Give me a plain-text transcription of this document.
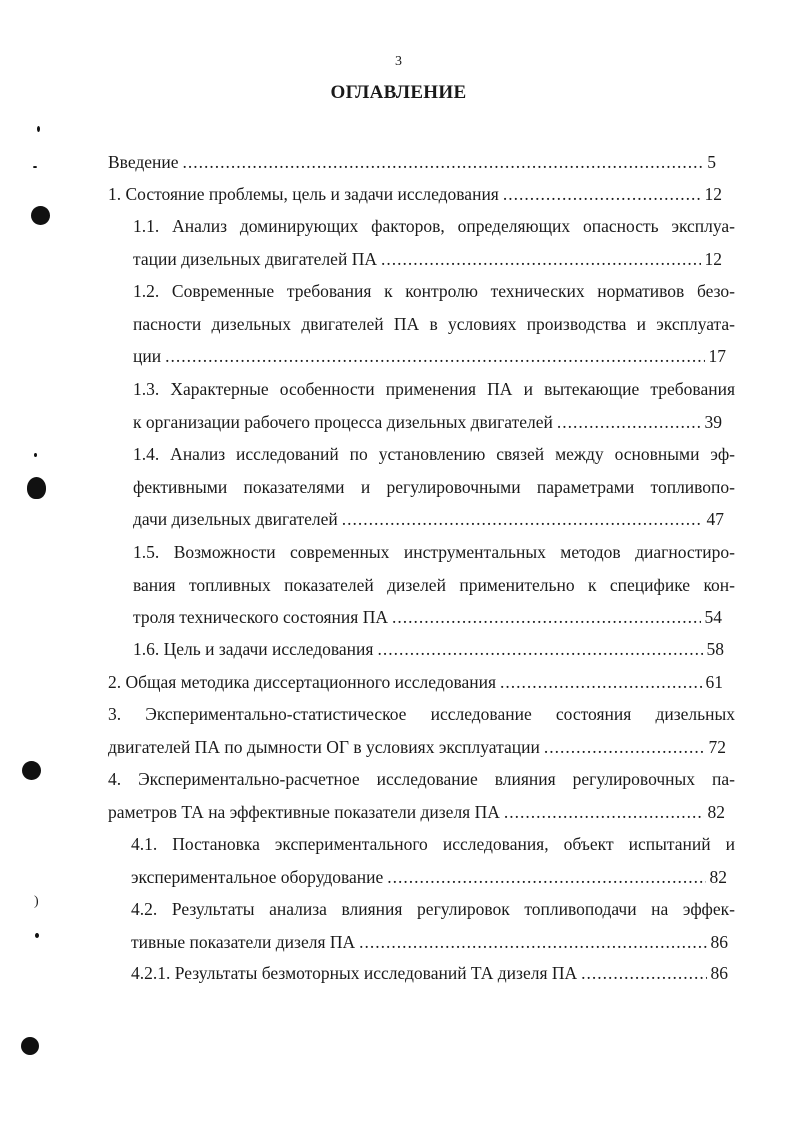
3
ОГЛАВЛЕНИЕ
Введение .....	5
1. Состояние проблемы, цель и задачи исследования .....	12
1.1. Анализ доминирующих факторов, определяющих опасность эксплуа-
тации дизельных двигателей ПА .....	12
1.2. Современные требования к контролю технических нормативов безо-
пасности дизельных двигателей ПА в условиях производства и эксплуата-
ции .....	17
1.3. Характерные особенности применения ПА и вытекающие требования
к организации рабочего процесса дизельных двигателей .....	39
1.4. Анализ исследований по установлению связей между основными эф-
фективными показателями и регулировочными параметрами топливопо-
дачи дизельных двигателей .....	47
1.5. Возможности современных инструментальных методов диагностиро-
вания топливных показателей дизелей применительно к специфике кон-
троля технического состояния ПА .....	54
1.6. Цель и задачи исследования .....	58
2. Общая методика диссертационного исследования .....	61
3. Экспериментально-статистическое исследование состояния дизельных
двигателей ПА по дымности ОГ в условиях эксплуатации .....	72
4. Экспериментально-расчетное исследование влияния регулировочных па-
раметров ТА на эффективные показатели дизеля ПА .....	82
4.1. Постановка экспериментального исследования, объект испытаний и
экспериментальное оборудование .....	82
4.2. Результаты анализа влияния регулировок топливоподачи на эффек-
тивные показатели дизеля ПА .....	86
4.2.1. Результаты безмоторных исследований ТА дизеля ПА .....	86
)
